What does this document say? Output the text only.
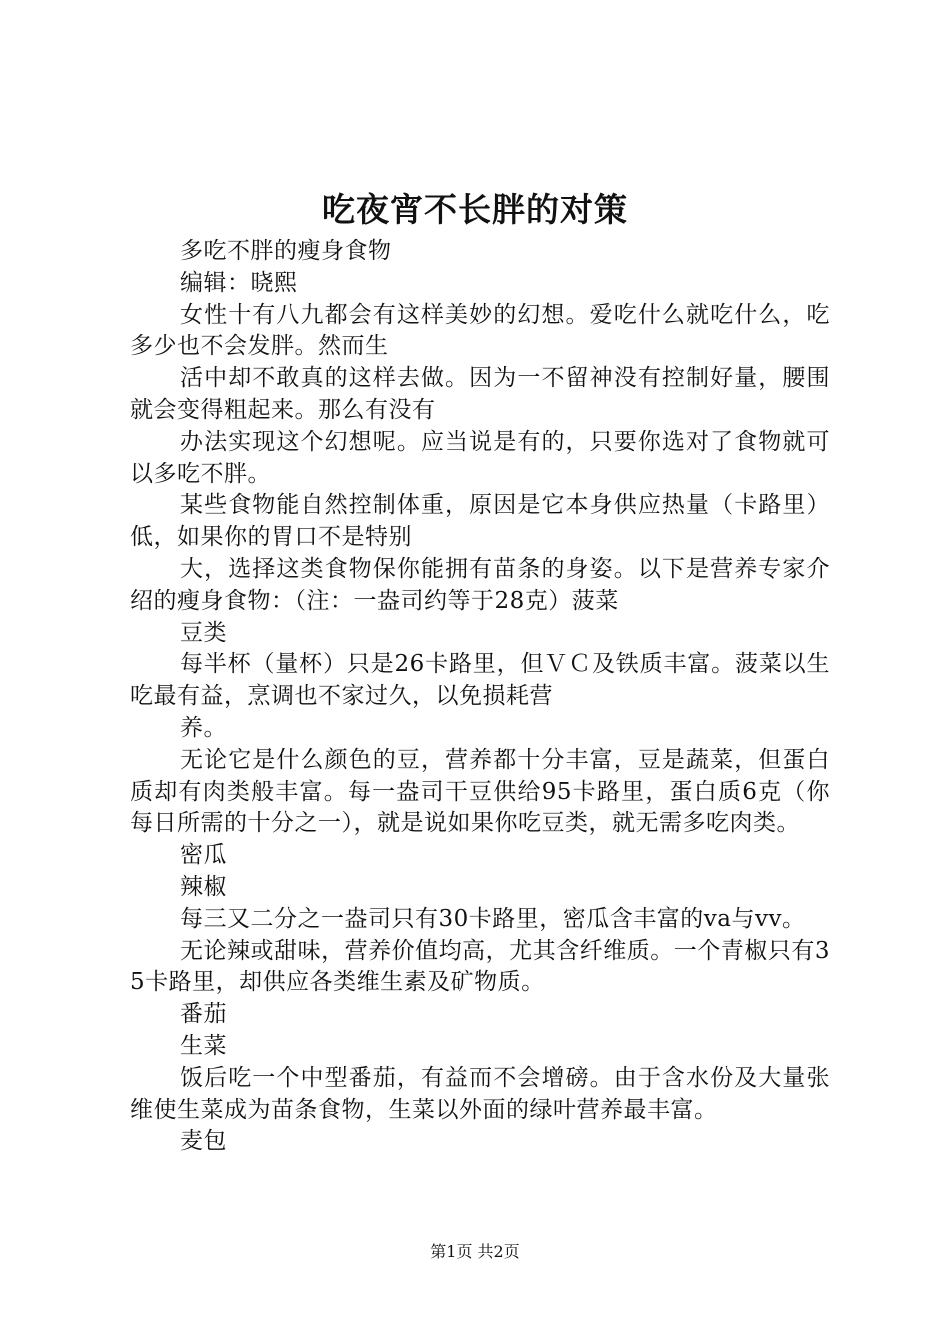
吃夜宵不长胖的对策

多吃不胖的瘦身食物

编辑：晓熙

女性十有八九都会有这样美妙的幻想。爱吃什么就吃什么，吃多少也不会发胖。然而生

活中却不敢真的这样去做。因为一不留神没有控制好量，腰围就会变得粗起来。那么有没有

办法实现这个幻想呢。应当说是有的，只要你选对了食物就可以多吃不胖。

某些食物能自然控制体重，原因是它本身供应热量（卡路里）低，如果你的胃口不是特别

大，选择这类食物保你能拥有苗条的身姿。以下是营养专家介绍的瘦身食物：（注：一盎司约等于28克）菠菜

豆类

每半杯（量杯）只是26卡路里，但ＶＣ及铁质丰富。菠菜以生吃最有益，烹调也不家过久，以免损耗营

养。

无论它是什么颜色的豆，营养都十分丰富，豆是蔬菜，但蛋白质却有肉类般丰富。每一盎司干豆供给95卡路里，蛋白质6克（你每日所需的十分之一），就是说如果你吃豆类，就无需多吃肉类。

密瓜

辣椒

每三又二分之一盎司只有30卡路里，密瓜含丰富的va与vv。

无论辣或甜味，营养价值均高，尤其含纤维质。一个青椒只有35卡路里，却供应各类维生素及矿物质。

番茄

生菜

饭后吃一个中型番茄，有益而不会增磅。由于含水份及大量张维使生菜成为苗条食物，生菜以外面的绿叶营养最丰富。

麦包

第1页 共2页
